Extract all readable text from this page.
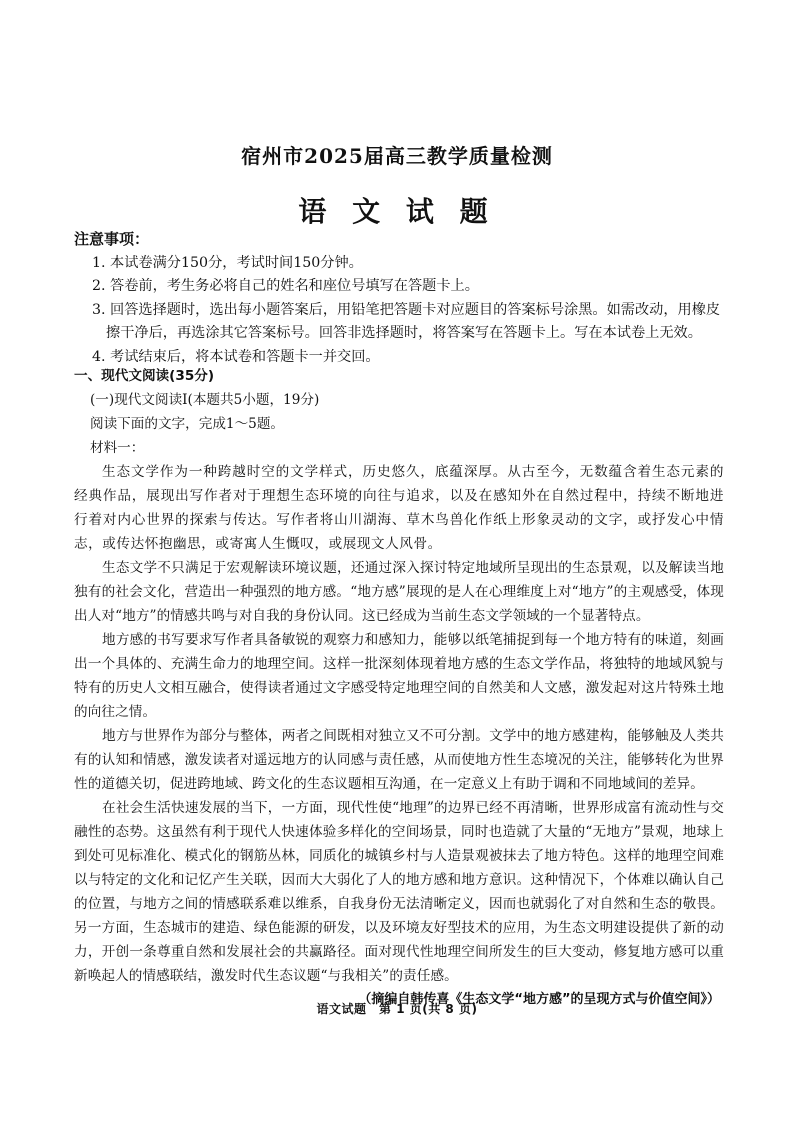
宿州市2025届高三教学质量检测
语 文 试 题
注意事项：
1. 本试卷满分150分，考试时间150分钟。
2. 答卷前，考生务必将自己的姓名和座位号填写在答题卡上。
3. 回答选择题时，选出每小题答案后，用铅笔把答题卡对应题目的答案标号涂黑。如需改动，用橡皮擦干净后，再选涂其它答案标号。回答非选择题时，将答案写在答题卡上。写在本试卷上无效。
4. 考试结束后，将本试卷和答题卡一并交回。
一、现代文阅读(35分)
(一)现代文阅读Ⅰ(本题共5小题，19分)
阅读下面的文字，完成1～5题。
材料一：

生态文学作为一种跨越时空的文学样式，历史悠久，底蕴深厚。从古至今，无数蕴含着生态元素的经典作品，展现出写作者对于理想生态环境的向往与追求，以及在感知外在自然过程中，持续不断地进行着对内心世界的探索与传达。写作者将山川湖海、草木鸟兽化作纸上形象灵动的文字，或抒发心中情志，或传达怀抱幽思，或寄寓人生慨叹，或展现文人风骨。

生态文学不只满足于宏观解读环境议题，还通过深入探讨特定地域所呈现出的生态景观，以及解读当地独有的社会文化，营造出一种强烈的地方感。“地方感”展现的是人在心理维度上对“地方”的主观感受，体现出人对“地方”的情感共鸣与对自我的身份认同。这已经成为当前生态文学领域的一个显著特点。

地方感的书写要求写作者具备敏锐的观察力和感知力，能够以纸笔捕捉到每一个地方特有的味道，刻画出一个具体的、充满生命力的地理空间。这样一批深刻体现着地方感的生态文学作品，将独特的地域风貌与特有的历史人文相互融合，使得读者通过文字感受特定地理空间的自然美和人文感，激发起对这片特殊土地的向往之情。

地方与世界作为部分与整体，两者之间既相对独立又不可分割。文学中的地方感建构，能够触及人类共有的认知和情感，激发读者对遥远地方的认同感与责任感，从而使地方性生态境况的关注，能够转化为世界性的道德关切，促进跨地域、跨文化的生态议题相互沟通，在一定意义上有助于调和不同地域间的差异。

在社会生活快速发展的当下，一方面，现代性使“地理”的边界已经不再清晰，世界形成富有流动性与交融性的态势。这虽然有利于现代人快速体验多样化的空间场景，同时也造就了大量的“无地方”景观，地球上到处可见标准化、模式化的钢筋丛林，同质化的城镇乡村与人造景观被抹去了地方特色。这样的地理空间难以与特定的文化和记忆产生关联，因而大大弱化了人的地方感和地方意识。这种情况下，个体难以确认自己的位置，与地方之间的情感联系难以维系，自我身份无法清晰定义，因而也就弱化了对自然和生态的敬畏。另一方面，生态城市的建造、绿色能源的研发，以及环境友好型技术的应用，为生态文明建设提供了新的动力，开创一条尊重自然和发展社会的共赢路径。面对现代性地理空间所发生的巨大变动，修复地方感可以重新唤起人的情感联结，激发时代生态议题“与我相关”的责任感。

（摘编自韩传喜《生态文学“地方感”的呈现方式与价值空间》）
语文试题　第 1 页(共 8 页)
